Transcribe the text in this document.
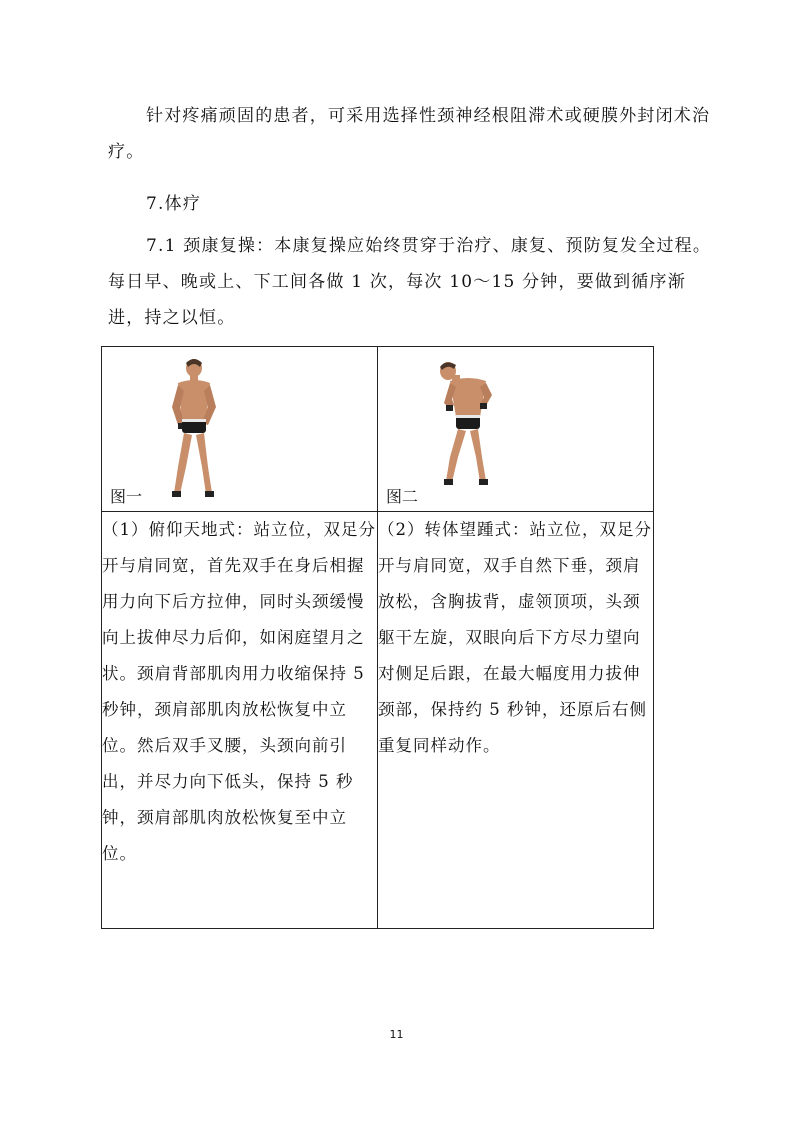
针对疼痛顽固的患者，可采用选择性颈神经根阻滞术或硬膜外封闭术治疗。

7.体疗

7.1 颈康复操：本康复操应始终贯穿于治疗、康复、预防复发全过程。每日早、晚或上、下工间各做 1 次，每次 10～15 分钟，要做到循序渐进，持之以恒。

图一	图二

（1）俯仰天地式：站立位，双足分开与肩同宽，首先双手在身后相握用力向下后方拉伸，同时头颈缓慢向上拔伸尽力后仰，如闲庭望月之状。颈肩背部肌肉用力收缩保持 5 秒钟，颈肩部肌肉放松恢复中立位。然后双手叉腰，头颈向前引出，并尽力向下低头，保持 5 秒钟，颈肩部肌肉放松恢复至中立位。	（2）转体望踵式：站立位，双足分开与肩同宽，双手自然下垂，颈肩放松，含胸拔背，虚领顶项，头颈躯干左旋，双眼向后下方尽力望向对侧足后跟，在最大幅度用力拔伸颈部，保持约 5 秒钟，还原后右侧重复同样动作。
11
